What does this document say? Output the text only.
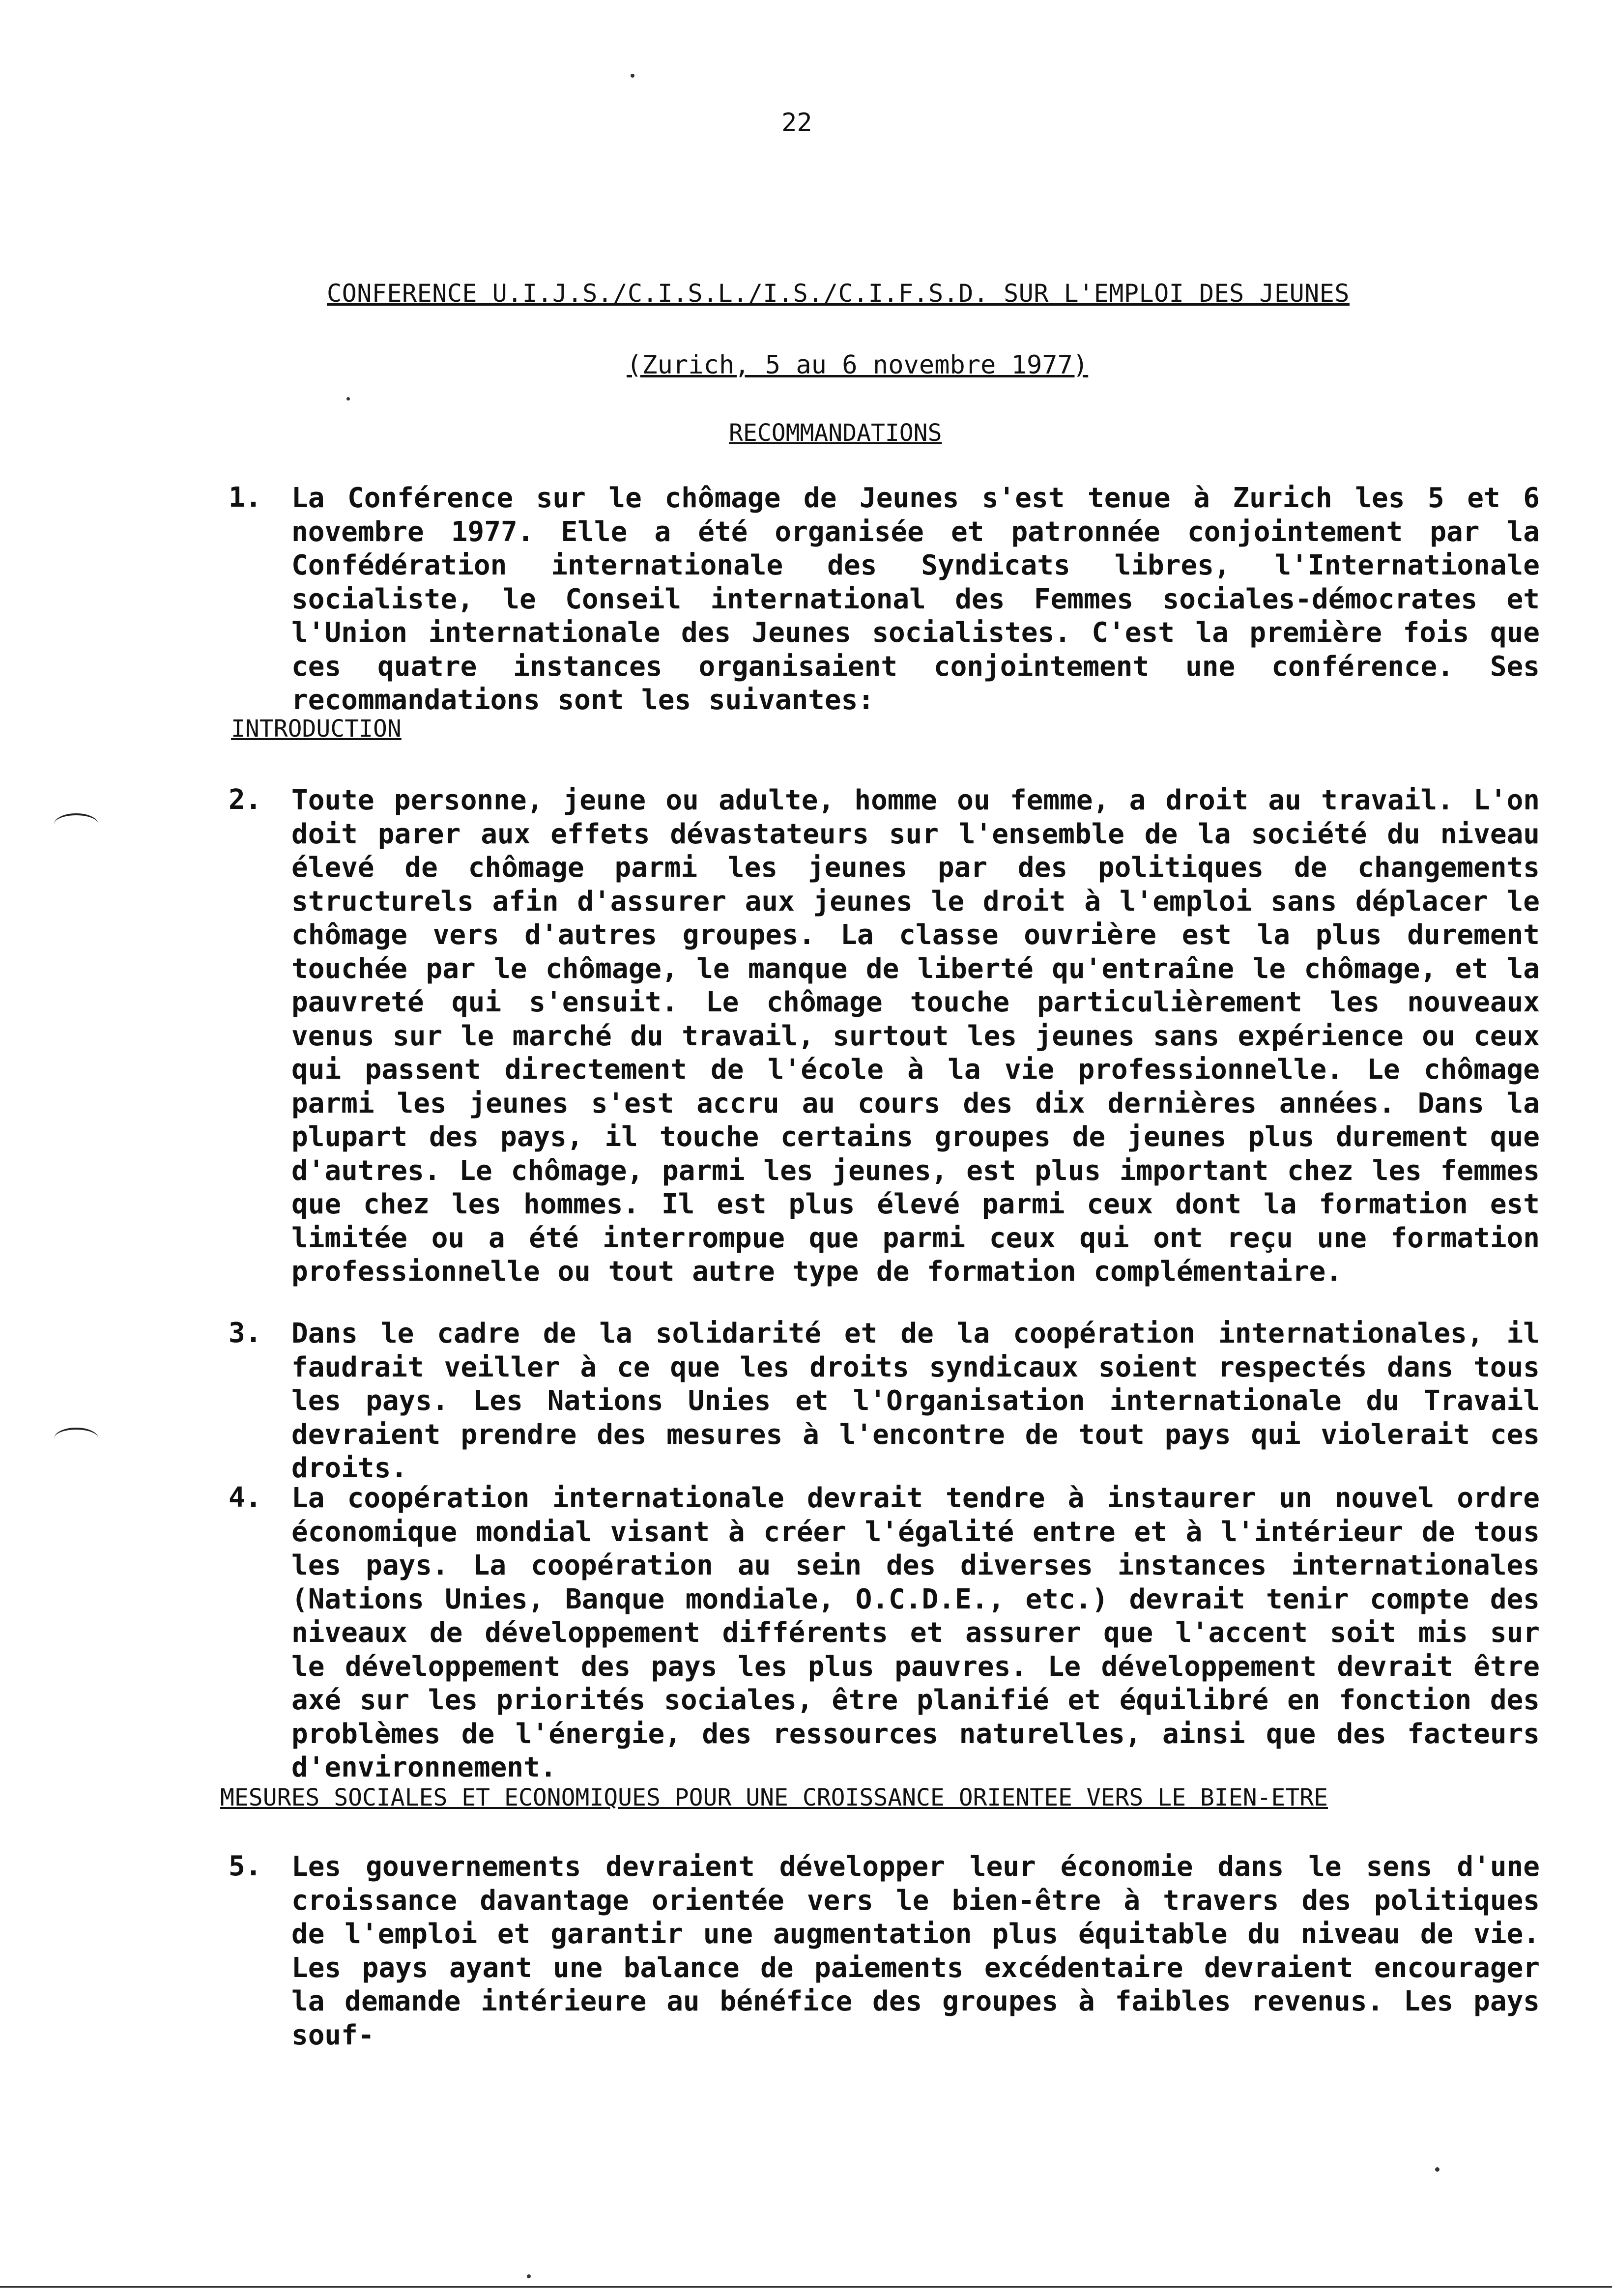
22
CONFERENCE U.I.J.S./C.I.S.L./I.S./C.I.F.S.D. SUR L'EMPLOI DES JEUNES
(Zurich, 5 au 6 novembre 1977)
RECOMMANDATIONS
1. La Conférence sur le chômage de Jeunes s'est tenue à Zurich les 5 et 6 novembre 1977. Elle a été organisée et patronnée conjointement par la Confédération internationale des Syndicats libres, l'Internationale socialiste, le Conseil international des Femmes sociales-démocrates et l'Union internationale des Jeunes socialistes. C'est la première fois que ces quatre instances organisaient conjointement une conférence. Ses recommandations sont les suivantes:
INTRODUCTION
2. Toute personne, jeune ou adulte, homme ou femme, a droit au travail. L'on doit parer aux effets dévastateurs sur l'ensemble de la société du niveau élevé de chômage parmi les jeunes par des politiques de changements structurels afin d'assurer aux jeunes le droit à l'emploi sans déplacer le chômage vers d'autres groupes. La classe ouvrière est la plus durement touchée par le chômage, le manque de liberté qu'entraîne le chômage, et la pauvreté qui s'ensuit. Le chômage touche particulièrement les nouveaux venus sur le marché du travail, surtout les jeunes sans expérience ou ceux qui passent directement de l'école à la vie professionnelle. Le chômage parmi les jeunes s'est accru au cours des dix dernières années. Dans la plupart des pays, il touche certains groupes de jeunes plus durement que d'autres. Le chômage, parmi les jeunes, est plus important chez les femmes que chez les hommes. Il est plus élevé parmi ceux dont la formation est limitée ou a été interrompue que parmi ceux qui ont reçu une formation professionnelle ou tout autre type de formation complémentaire.
3. Dans le cadre de la solidarité et de la coopération internationales, il faudrait veiller à ce que les droits syndicaux soient respectés dans tous les pays. Les Nations Unies et l'Organisation internationale du Travail devraient prendre des mesures à l'encontre de tout pays qui violerait ces droits.
4. La coopération internationale devrait tendre à instaurer un nouvel ordre économique mondial visant à créer l'égalité entre et à l'intérieur de tous les pays. La coopération au sein des diverses instances internationales (Nations Unies, Banque mondiale, O.C.D.E., etc.) devrait tenir compte des niveaux de développement différents et assurer que l'accent soit mis sur le développement des pays les plus pauvres. Le développement devrait être axé sur les priorités sociales, être planifié et équilibré en fonction des problèmes de l'énergie, des ressources naturelles, ainsi que des facteurs d'environnement.
MESURES SOCIALES ET ECONOMIQUES POUR UNE CROISSANCE ORIENTEE VERS LE BIEN-ETRE
5. Les gouvernements devraient développer leur économie dans le sens d'une croissance davantage orientée vers le bien-être à travers des politiques de l'emploi et garantir une augmentation plus équitable du niveau de vie. Les pays ayant une balance de paiements excédentaire devraient encourager la demande intérieure au bénéfice des groupes à faibles revenus. Les pays souf-
